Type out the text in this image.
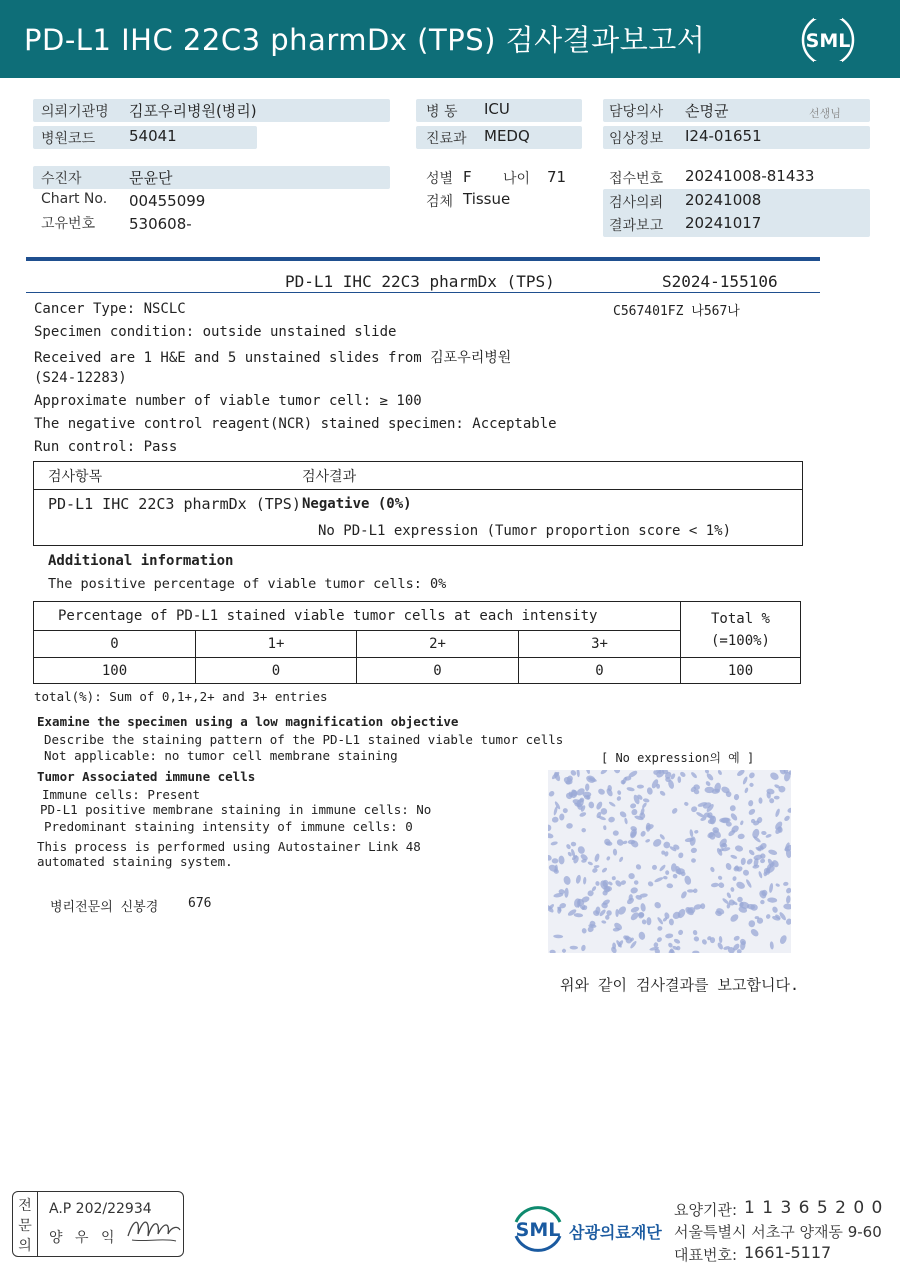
PD-L1 IHC 22C3 pharmDx (TPS) 검사결과보고서	SML
의뢰기관명 김포우리병원(병리)
병원코드 54041
병 동 ICU
진료과 MEDQ
담당의사 손명균	선생님
임상정보 I24-01651
수진자	문윤단
Chart No. 00455099
고유번호 530608-
성별 F 나이 71
검체 Tissue
접수번호 20241008-81433
검사의뢰 20241008
결과보고 20241017
PD-L1 IHC 22C3 pharmDx (TPS)	S2024-155106
C567401FZ 나567나
Cancer Type: NSCLC
Specimen condition: outside unstained slide
Received are 1 H&E and 5 unstained slides from 김포우리병원
(S24-12283)
Approximate number of viable tumor cell: ≥ 100
The negative control reagent(NCR) stained specimen: Acceptable
Run control: Pass
검사항목	검사결과
PD-L1 IHC 22C3 pharmDx (TPS) Negative (0%)
No PD-L1 expression (Tumor proportion score < 1%)
Additional information
The positive percentage of viable tumor cells: 0%
Percentage of PD-L1 stained viable tumor cells at each intensity				Total %
(=100%)

0	1+	2+	3+	
100	0	0	0	100
total(%): Sum of 0,1+,2+ and 3+ entries
Examine the specimen using a low magnification objective
Describe the staining pattern of the PD-L1 stained viable tumor cells
Not applicable: no tumor cell membrane staining
Tumor Associated immune cells
Immune cells: Present
PD-L1 positive membrane staining in immune cells: No
Predominant staining intensity of immune cells: 0
This process is performed using Autostainer Link 48
automated staining system.
병리전문의 신봉경 676
[ No expression의 예 ]
위와 같이 검사결과를 보고합니다.
전문의
A.P 202/22934
양 우 익	SML 삼광의료재단
요양기관: 1 1 3 6 5 2 0 0
서울특별시 서초구 양재동 9-60
대표번호: 1661-5117
